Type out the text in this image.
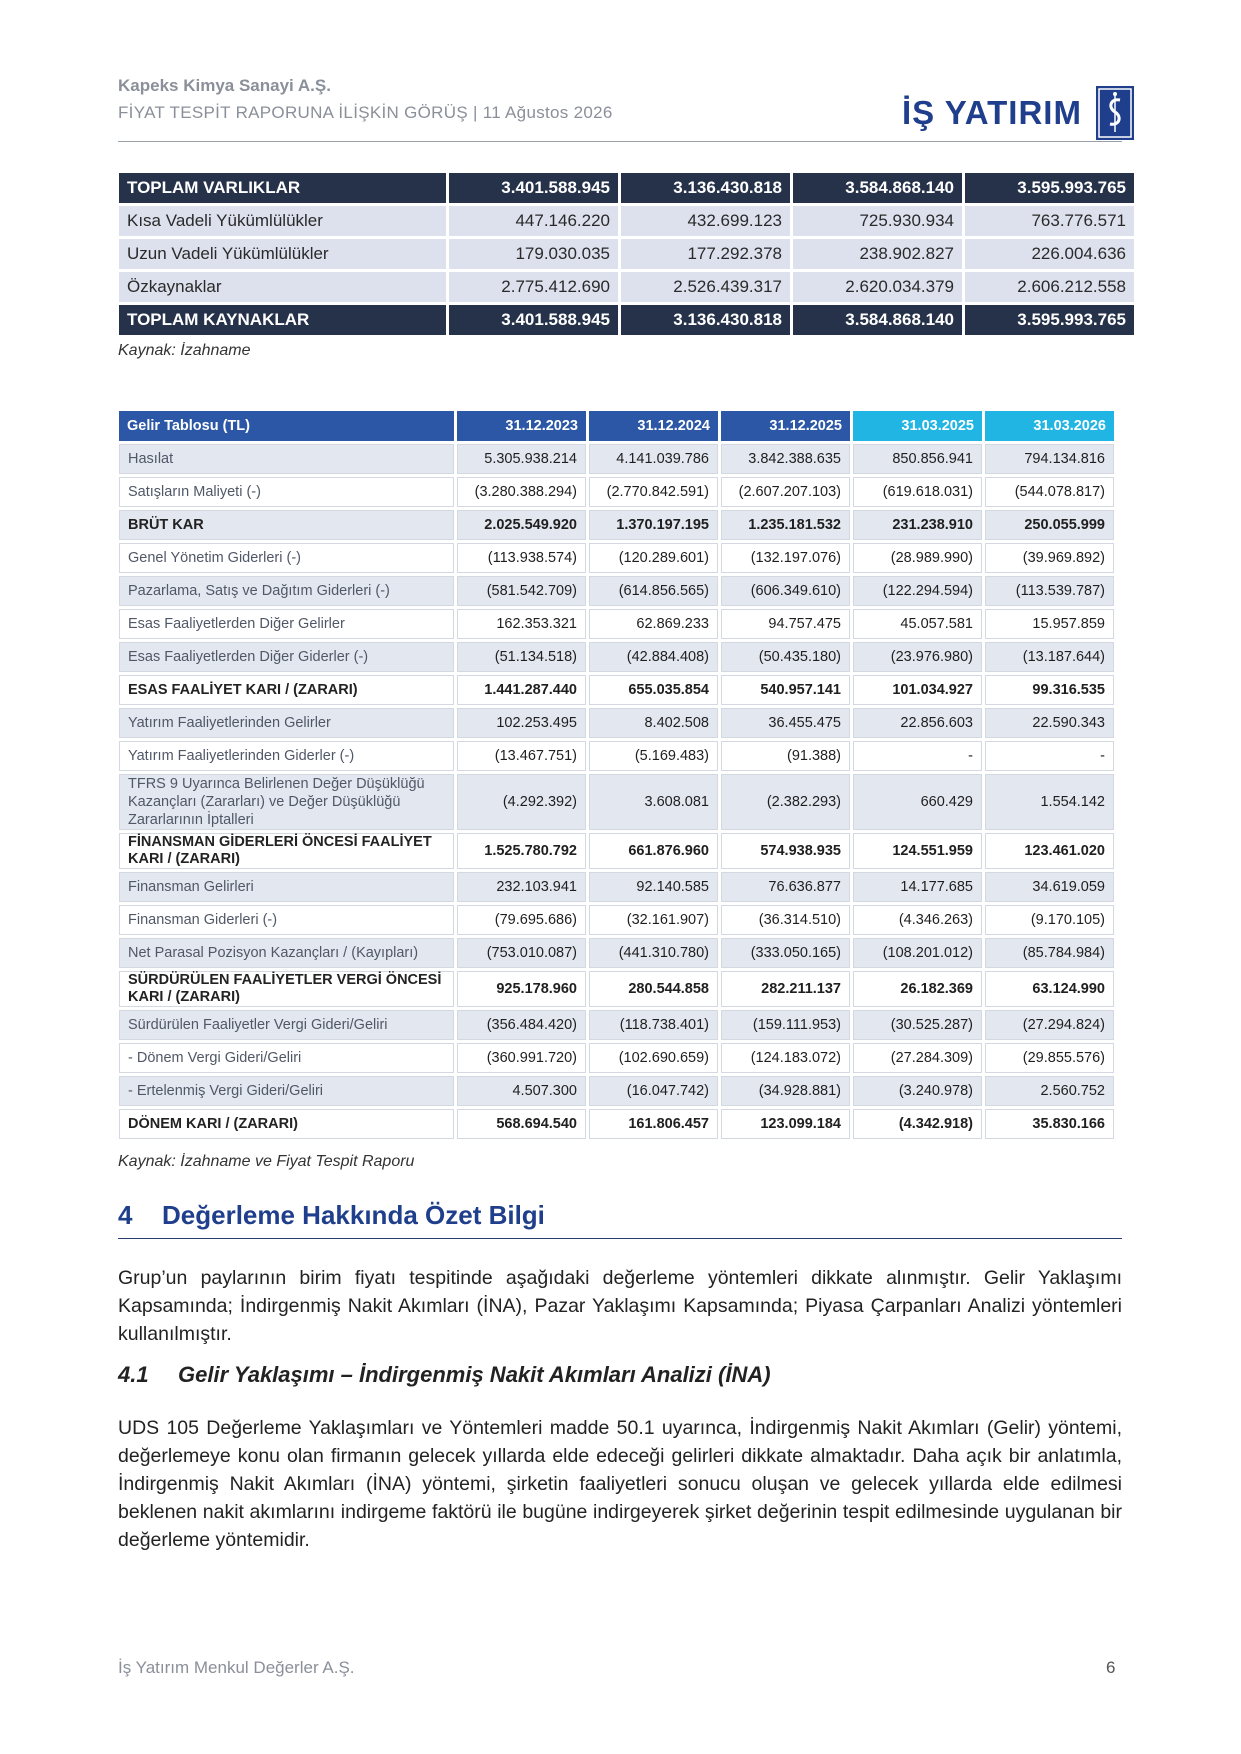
Kapeks Kimya Sanayi A.Ş.
FİYAT TESPİT RAPORUNA İLİŞKİN GÖRÜŞ | 11 Ağustos 2026	İŞ YATIRIM
TOPLAM VARLIKLAR	3.401.588.945	3.136.430.818	3.584.868.140	3.595.993.765
Kısa Vadeli Yükümlülükler	447.146.220	432.699.123	725.930.934	763.776.571
Uzun Vadeli Yükümlülükler	179.030.035	177.292.378	238.902.827	226.004.636
Özkaynaklar	2.775.412.690	2.526.439.317	2.620.034.379	2.606.212.558
TOPLAM KAYNAKLAR	3.401.588.945	3.136.430.818	3.584.868.140	3.595.993.765
Kaynak: İzahname
Gelir Tablosu (TL)	31.12.2023	31.12.2024	31.12.2025	31.03.2025	31.03.2026
Hasılat	5.305.938.214	4.141.039.786	3.842.388.635	850.856.941	794.134.816
Satışların Maliyeti (-)	(3.280.388.294)	(2.770.842.591)	(2.607.207.103)	(619.618.031)	(544.078.817)
BRÜT KAR	2.025.549.920	1.370.197.195	1.235.181.532	231.238.910	250.055.999
Genel Yönetim Giderleri (-)	(113.938.574)	(120.289.601)	(132.197.076)	(28.989.990)	(39.969.892)
Pazarlama, Satış ve Dağıtım Giderleri (-)	(581.542.709)	(614.856.565)	(606.349.610)	(122.294.594)	(113.539.787)
Esas Faaliyetlerden Diğer Gelirler	162.353.321	62.869.233	94.757.475	45.057.581	15.957.859
Esas Faaliyetlerden Diğer Giderler (-)	(51.134.518)	(42.884.408)	(50.435.180)	(23.976.980)	(13.187.644)
ESAS FAALİYET KARI / (ZARARI)	1.441.287.440	655.035.854	540.957.141	101.034.927	99.316.535
Yatırım Faaliyetlerinden Gelirler	102.253.495	8.402.508	36.455.475	22.856.603	22.590.343
Yatırım Faaliyetlerinden Giderler (-)	(13.467.751)	(5.169.483)	(91.388)	-	-
TFRS 9 Uyarınca Belirlenen Değer Düşüklüğü Kazançları (Zararları) ve Değer Düşüklüğü Zararlarının İptalleri	(4.292.392)	3.608.081	(2.382.293)	660.429	1.554.142
FİNANSMAN GİDERLERİ ÖNCESİ FAALİYET KARI / (ZARARI)	1.525.780.792	661.876.960	574.938.935	124.551.959	123.461.020
Finansman Gelirleri	232.103.941	92.140.585	76.636.877	14.177.685	34.619.059
Finansman Giderleri (-)	(79.695.686)	(32.161.907)	(36.314.510)	(4.346.263)	(9.170.105)
Net Parasal Pozisyon Kazançları / (Kayıpları)	(753.010.087)	(441.310.780)	(333.050.165)	(108.201.012)	(85.784.984)
SÜRDÜRÜLEN FAALİYETLER VERGİ ÖNCESİ KARI / (ZARARI)	925.178.960	280.544.858	282.211.137	26.182.369	63.124.990
Sürdürülen Faaliyetler Vergi Gideri/Geliri	(356.484.420)	(118.738.401)	(159.111.953)	(30.525.287)	(27.294.824)
- Dönem Vergi Gideri/Geliri	(360.991.720)	(102.690.659)	(124.183.072)	(27.284.309)	(29.855.576)
- Ertelenmiş Vergi Gideri/Geliri	4.507.300	(16.047.742)	(34.928.881)	(3.240.978)	2.560.752
DÖNEM KARI / (ZARARI)	568.694.540	161.806.457	123.099.184	(4.342.918)	35.830.166
Kaynak: İzahname ve Fiyat Tespit Raporu
4 Değerleme Hakkında Özet Bilgi
Grup’un paylarının birim fiyatı tespitinde aşağıdaki değerleme yöntemleri dikkate alınmıştır. Gelir Yaklaşımı Kapsamında; İndirgenmiş Nakit Akımları (İNA), Pazar Yaklaşımı Kapsamında; Piyasa Çarpanları Analizi yöntemleri kullanılmıştır.
4.1 Gelir Yaklaşımı – İndirgenmiş Nakit Akımları Analizi (İNA)
UDS 105 Değerleme Yaklaşımları ve Yöntemleri madde 50.1 uyarınca, İndirgenmiş Nakit Akımları (Gelir) yöntemi, değerlemeye konu olan firmanın gelecek yıllarda elde edeceği gelirleri dikkate almaktadır. Daha açık bir anlatımla, İndirgenmiş Nakit Akımları (İNA) yöntemi, şirketin faaliyetleri sonucu oluşan ve gelecek yıllarda elde edilmesi beklenen nakit akımlarını indirgeme faktörü ile bugüne indirgeyerek şirket değerinin tespit edilmesinde uygulanan bir değerleme yöntemidir.
İş Yatırım Menkul Değerler A.Ş.	6
